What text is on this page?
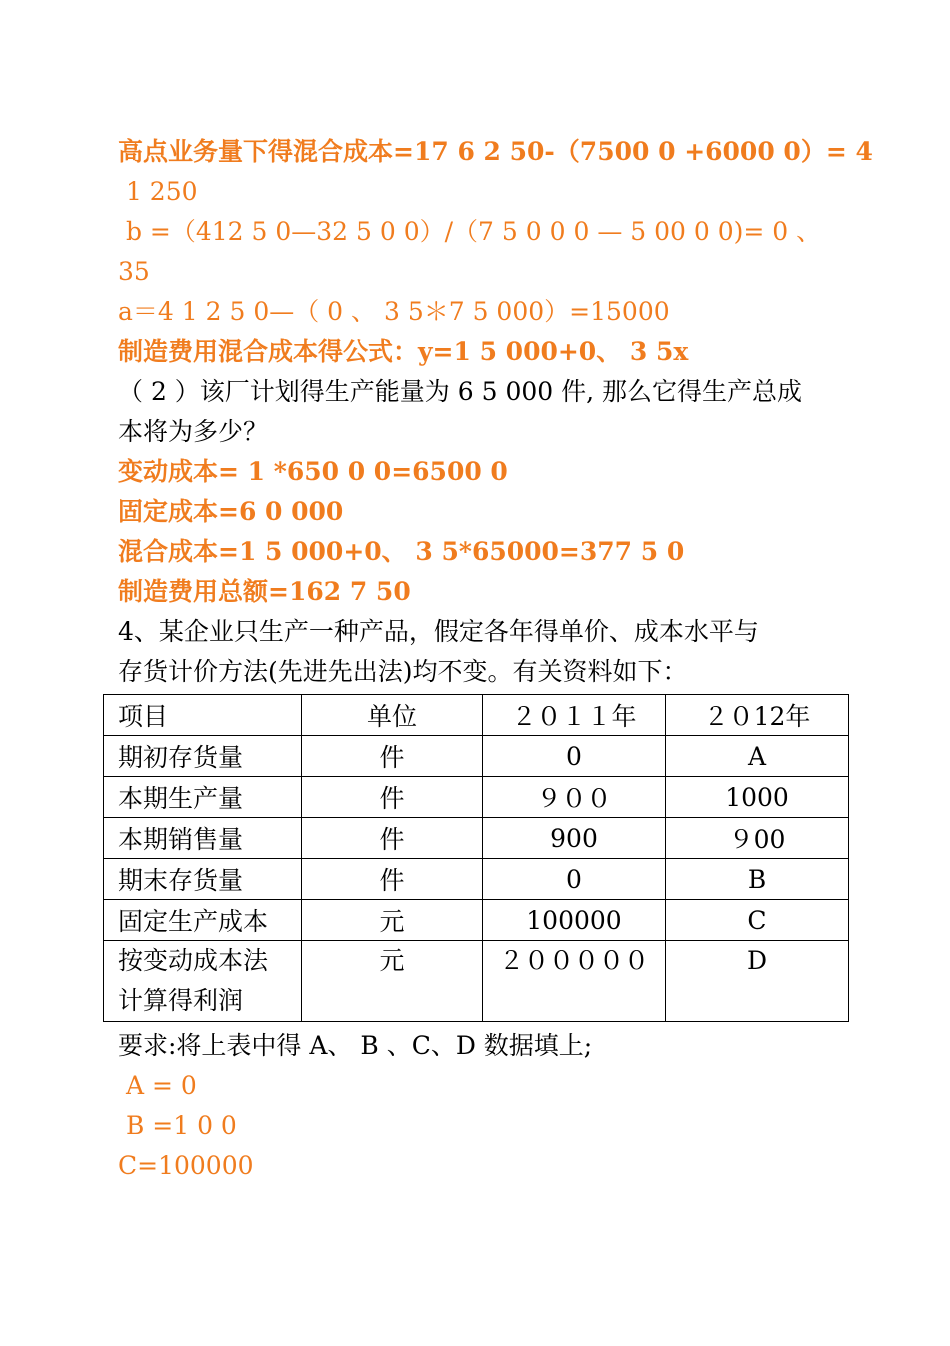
高点业务量下得混合成本=17 6 2 50-（7500 0 +6000 0）= 4
1 250
b =（412 5 0—32 5 0 0）/（7 5 0 0 0 — 5 00 0 0)= 0 、
35
a＝4 1 2 5 0—（ 0 、 3 5＊7 5 000）=15000
制造费用混合成本得公式：y=1 5 000+0、 3 5x
（ 2 ）该厂计划得生产能量为 6 5 000 件, 那么它得生产总成
本将为多少？
变动成本= 1 *650 0 0=6500 0
固定成本=6 0 000
混合成本=1 5 000+0、 3 5*65000=377 5 0
制造费用总额=162 7 50
4、某企业只生产一种产品，假定各年得单价、成本水平与
存货计价方法(先进先出法)均不变。有关资料如下：
项目	单位	２０１１年	２０12年
期初存货量	件	0	A
本期生产量	件	９００	1000
本期销售量	件	900	９00
期末存货量	件	0	B
固定生产成本	元	100000	C

按变动成本法
计算得利润	元	２０００００	D
要求:将上表中得 A、 B 、C、D 数据填上;
A = 0
B =1 0 0
C=100000
